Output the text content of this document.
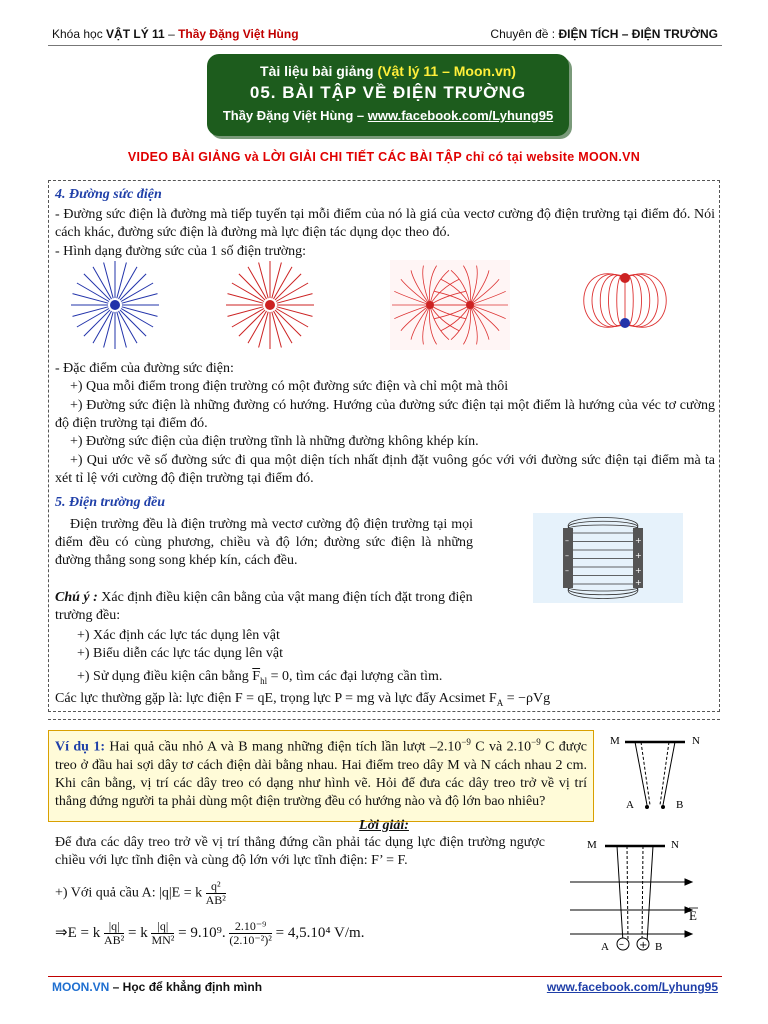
Khóa học VẬT LÝ 11 – Thầy Đặng Việt Hùng	Chuyên đề : ĐIỆN TÍCH – ĐIỆN TRƯỜNG
Tài liệu bài giảng (Vật lý 11 – Moon.vn)
05. BÀI TẬP VỀ ĐIỆN TRƯỜNG
Thầy Đặng Việt Hùng – www.facebook.com/Lyhung95
VIDEO BÀI GIẢNG và LỜI GIẢI CHI TIẾT CÁC BÀI TẬP chỉ có tại website MOON.VN
4. Đường sức điện
- Đường sức điện là đường mà tiếp tuyến tại mỗi điểm của nó là giá của vectơ cường độ điện trường tại điểm đó. Nói cách khác, đường sức điện là đường mà lực điện tác dụng dọc theo đó.
- Hình dạng đường sức của 1 số điện trường:
- Đặc điểm của đường sức điện:
+) Qua mỗi điểm trong điện trường có một đường sức điện và chỉ một mà thôi
+) Đường sức điện là những đường có hướng. Hướng của đường sức điện tại một điểm là hướng của véc tơ cường độ điện trường tại điểm đó.
+) Đường sức điện của điện trường tĩnh là những đường không khép kín.
+) Qui ước vẽ số đường sức đi qua một diện tích nhất định đặt vuông góc với với đường sức điện tại điểm mà ta xét tỉ lệ với cường độ điện trường tại điểm đó.
5. Điện trường đều
Điện trường đều là điện trường mà vectơ cường độ điện trường tại mọi điểm đều có cùng phương, chiều và độ lớn; đường sức điện là những đường thẳng song song khép kín, cách đều.
–
–
–
+
+
+
+
Chú ý : Xác định điều kiện cân bằng của vật mang điện tích đặt trong điện trường đều:
+) Xác định các lực tác dụng lên vật
+) Biểu diễn các lực tác dụng lên vật
+) Sử dụng điều kiện cân bằng $\overline{F}_{hl} = 0$, tìm các đại lượng cần tìm.
Các lực thường gặp là: lực điện F = qE, trọng lực P = mg và lực đẩy Acsimet $F_A = -\rho Vg$
Ví dụ 1: Hai quả cầu nhỏ A và B mang những điện tích lần lượt $-2.10^{-9}$ C và $2.10^{-9}$ C được treo ở đầu hai sợi dây tơ cách điện dài bằng nhau. Hai điểm treo dây M và N cách nhau 2 cm. Khi cân bằng, vị trí các dây treo có dạng như hình vẽ. Hỏi để đưa các dây treo trở về vị trí thẳng đứng người ta phải dùng một điện trường đều có hướng nào và độ lớn bao nhiêu?
M	N
A	B
Lời giải:
Để đưa các dây treo trở về vị trí thẳng đứng cần phải tác dụng lực điện trường ngược chiều với lực tĩnh điện và cùng độ lớn với lực tĩnh điện: F’ = F.
+) Với quả cầu A: |q|E = k $\frac{\text{q²}}{\text{AB²}}$
⇒E = k $\frac{|q|}{\text{AB²}} = k \frac{|q|}{\text{MN²}} = 9.10^9$. $\frac{\text{2.10⁻⁹}}{\text{(2.10⁻²)²}} = 4,5.10^4$ V/m.
– +
M	N
A	B
E
MOON.VN – Học để khẳng định mình	www.facebook.com/Lyhung95
